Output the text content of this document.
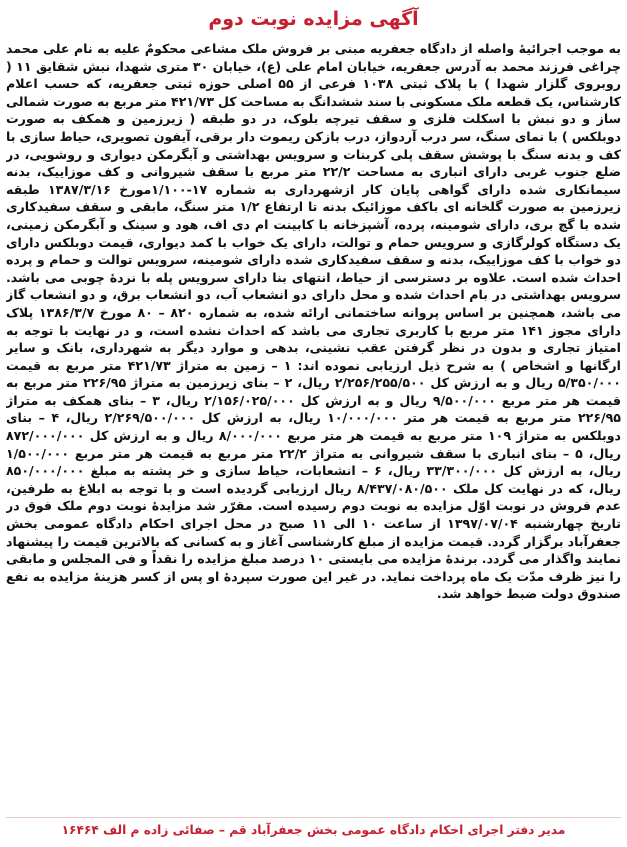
آگهی مزایده نوبت دوم

به موجب اجرائیهٔ واصله از دادگاه جعفریه مبنی بر فروش ملک مشاعی محکومٌ علیه به نام علی محمد چراغی فرزند محمد به آدرس جعفریه، خیابان امام علی (ع)، خیابان ۳۰ متری شهدا، نبش شقایق ۱۱ ( روبروی گلزار شهدا ) با پلاک ثبتی ۱۰۳۸ فرعی از ۵۵ اصلی حوزه ثبتی جعفریه، که حسب اعلام کارشناس، یک قطعه ملک مسکونی با سند ششدانگ به مساحت کل ۴۲۱/۷۳ متر مربع به صورت شمالی ساز و دو نبش با اسکلت فلزی و سقف تیرچه بلوک، در دو طبقه ( زیرزمین و همکف به صورت دوبلکس ) با نمای سنگ، سر درب آردواز، درب بازکن ریموت دار برقی، آیفون تصویری، حیاط سازی با کف و بدنه سنگ با پوشش سقف پلی کربنات و سرویس بهداشتی و آبگرمکن دیواری و روشویی، در ضلع جنوب غربی دارای انباری به مساحت ۲۲/۲ متر مربع با سقف شیروانی و کف موزاییک، بدنه سیمانکاری شده دارای گواهی پایان کار ازشهرداری به شماره ۱۷-۱/۱۰۰مورخ ۱۳۸۷/۳/۱۶ طبقه زیرزمین به صورت گلخانه ای باکف موزائیک بدنه تا ارتفاع ۱/۲ متر سنگ، مابقی و سقف سفیدکاری شده با گچ بری، دارای شومینه، پرده، آشپزخانه با کابینت ام دی اف، هود و سینک و آبگرمکن زمینی، یک دستگاه کولرگازی و سرویس حمام و توالت، دارای یک خواب با کمد دیواری، قیمت دوبلکس دارای دو خواب با کف موزاییک، بدنه و سقف سفیدکاری شده دارای شومینه، سرویس توالت و حمام و پرده احداث شده است. علاوه بر دسترسی از حیاط، انتهای بنا دارای سرویس پله با نردهٔ چوبی می باشد. سرویس بهداشتی در بام احداث شده و محل دارای دو انشعاب آب، دو انشعاب برق، و دو انشعاب گاز می باشد، همچنین بر اساس پروانه ساختمانی ارائه شده، به شماره ۸۲۰ – ۸۰ مورخ ۱۳۸۶/۳/۷ پلاک دارای مجوز ۱۴۱ متر مربع با کاربری تجاری می باشد که احداث نشده است، و در نهایت با توجه به امتیاز تجاری و بدون در نظر گرفتن عقب نشینی، بدهی و موارد دیگر به شهرداری، بانک و سایر ارگانها و اشخاص ) به شرح ذیل ارزیابی نموده اند: ۱ – زمین به متراژ ۴۲۱/۷۳ متر مربع به قیمت ۵/۳۵۰/۰۰۰ ریال و به ارزش کل ۲/۲۵۶/۲۵۵/۵۰۰ ریال، ۲ – بنای زیرزمین به متراژ ۲۲۶/۹۵ متر مربع به قیمت هر متر مربع ۹/۵۰۰/۰۰۰ ریال و به ارزش کل ۲/۱۵۶/۰۲۵/۰۰۰ ریال، ۳ – بنای همکف به متراژ ۲۲۶/۹۵ متر مربع به قیمت هر متر ۱۰/۰۰۰/۰۰۰ ریال، به ارزش کل ۲/۲۶۹/۵۰۰/۰۰۰ ریال، ۴ – بنای دوبلکس به متراژ ۱۰۹ متر مربع به قیمت هر متر مربع ۸/۰۰۰/۰۰۰ ریال و به ارزش کل ۸۷۲/۰۰۰/۰۰۰ ریال، ۵ – بنای انباری با سقف شیروانی به متراژ ۲۲/۲ متر مربع به قیمت هر متر مربع ۱/۵۰۰/۰۰۰ ریال، به ارزش کل ۳۳/۳۰۰/۰۰۰ ریال، ۶ – انشعابات، حیاط سازی و خر پشته به مبلغ ۸۵۰/۰۰۰/۰۰۰ ریال، که در نهایت کل ملک ۸/۴۳۷/۰۸۰/۵۰۰ ریال ارزیابی گردیده است و با توجه به ابلاغ به طرفین، عدم فروش در نوبت اوّل مزایده به نوبت دوم رسیده است. مقرّر شد مزایدهٔ نوبت دوم ملک فوق در تاریخ چهارشنبه ۱۳۹۷/۰۷/۰۴ از ساعت ۱۰ الی ۱۱ صبح در محل اجرای احکام دادگاه عمومی بخش جعفرآباد برگزار گردد. قیمت مزایده از مبلغ کارشناسی آغاز و به کسانی که بالاترین قیمت را پیشنهاد نمایند واگذار می گردد. برندهٔ مزایده می بایستی ۱۰ درصد مبلغ مزایده را نقداً و فی المجلس و مابقی را نیز ظرف مدّت یک ماه پرداخت نماید. در غیر این صورت سپردهٔ او پس از کسر هزینهٔ مزایده به نفع صندوق دولت ضبط خواهد شد.

مدیر دفتر اجرای احکام دادگاه عمومی بخش جعفرآباد قم – صفائی زاده م الف ۱۶۴۶۴
